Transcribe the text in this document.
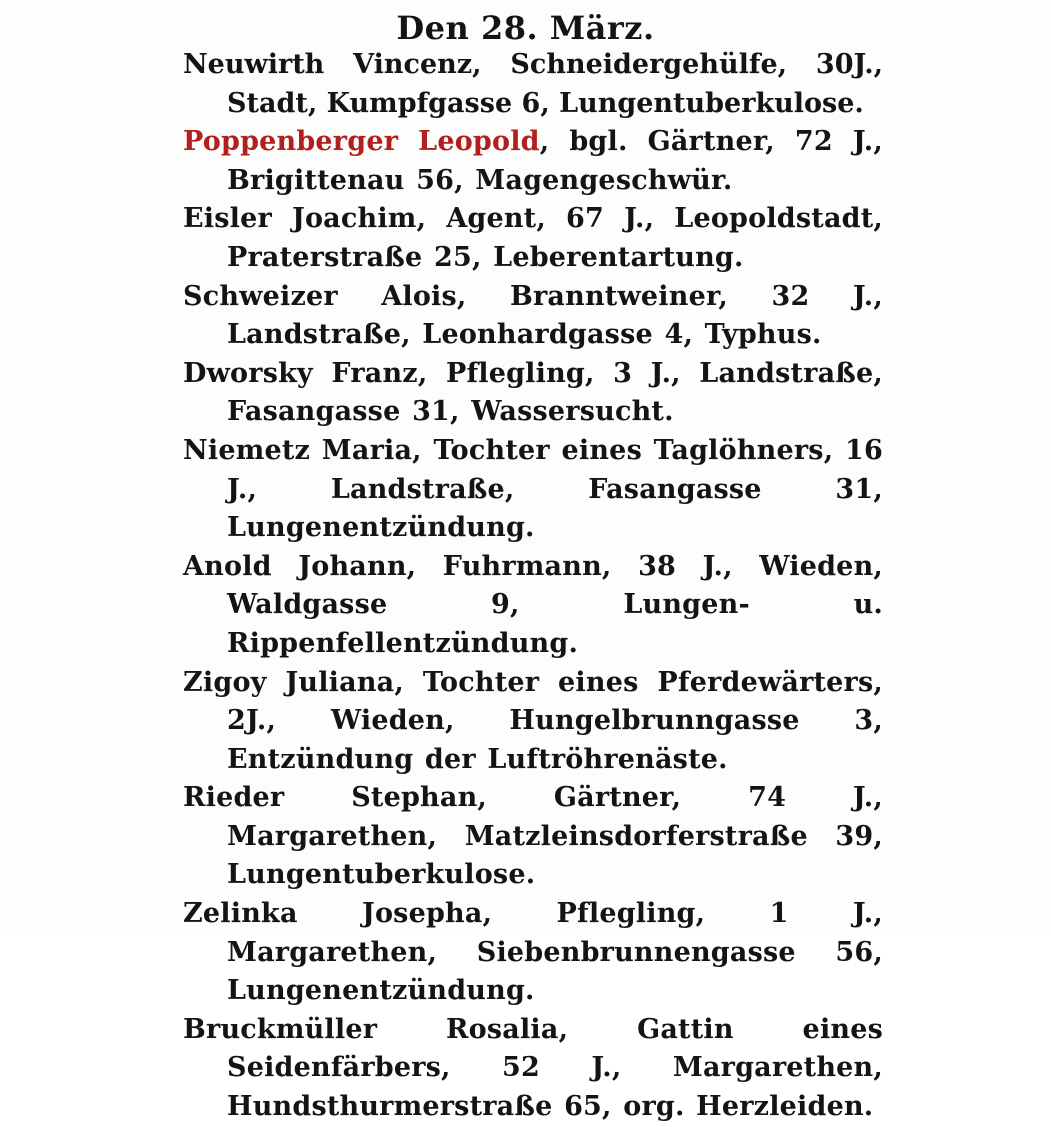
Den 28. März.

Neuwirth Vincenz, Schneidergehülfe, 30J., Stadt, Kumpfgasse 6, Lungentuberkulose.

Poppenberger Leopold, bgl. Gärtner, 72 J., Brigittenau 56, Magengeschwür.

Eisler Joachim, Agent, 67 J., Leopoldstadt, Praterstraße 25, Leberentartung.

Schweizer Alois, Branntweiner, 32 J., Landstraße, Leonhardgasse 4, Typhus.

Dworsky Franz, Pflegling, 3 J., Landstraße, Fasangasse 31, Wassersucht.

Niemetz Maria, Tochter eines Taglöhners, 16 J., Landstraße, Fasangasse 31, Lungenentzündung.

Anold Johann, Fuhrmann, 38 J., Wieden, Waldgasse 9, Lungen- u. Rippenfellentzündung.

Zigoy Juliana, Tochter eines Pferdewärters, 2J., Wieden, Hungelbrunngasse 3, Entzündung der Luftröhrenäste.

Rieder Stephan, Gärtner, 74 J., Margarethen, Matzleinsdorferstraße 39, Lungentuberkulose.

Zelinka Josepha, Pflegling, 1 J., Margarethen, Siebenbrunnengasse 56, Lungenentzündung.

Bruckmüller Rosalia, Gattin eines Seidenfärbers, 52 J., Margarethen, Hundsthurmerstraße 65, org. Herzleiden.
